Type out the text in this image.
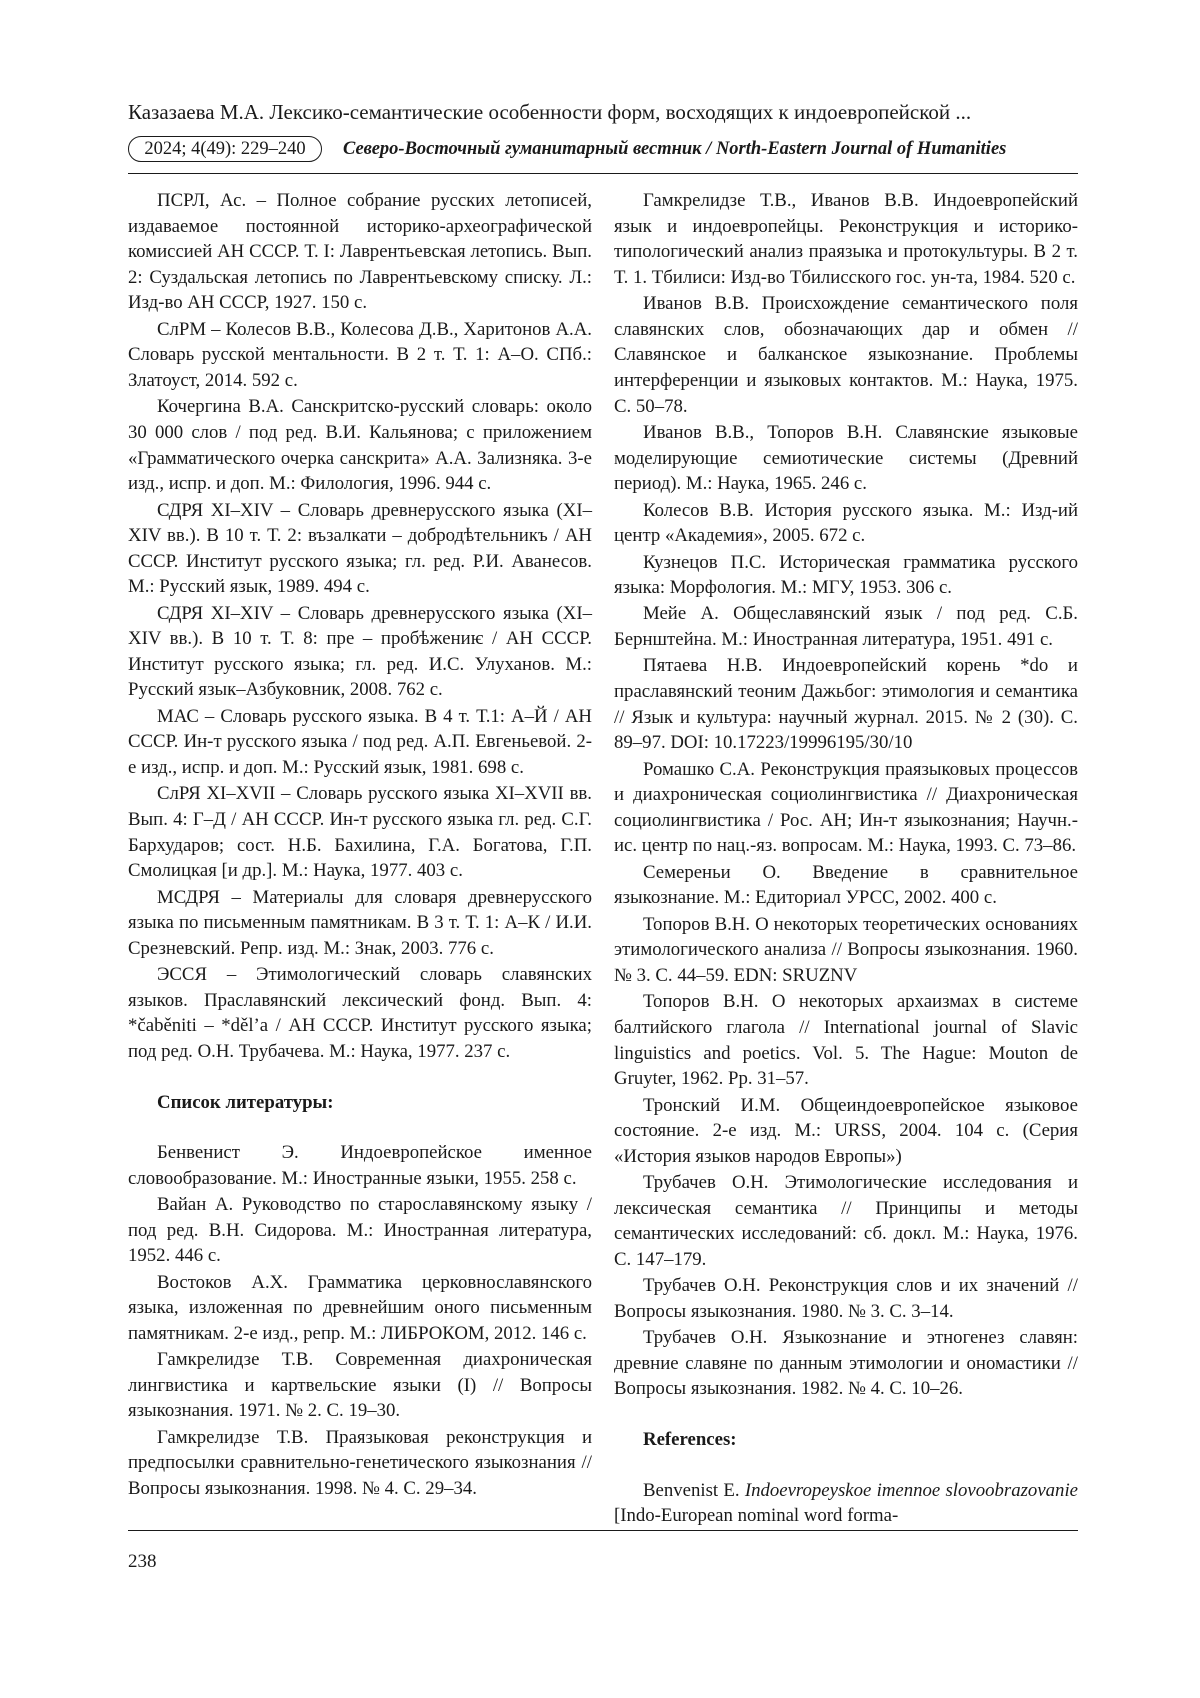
Казазаева М.А. Лексико-семантические особенности форм, восходящих к индоевропейской ...
2024; 4(49): 229–240	Северо-Восточный гуманитарный вестник / North-Eastern Journal of Humanities

ПСРЛ, Ас. – Полное собрание русских летописей, издаваемое постоянной историко-археографической комиссией АН СССР. Т. I: Лаврентьевская летопись. Вып. 2: Суздальская летопись по Лаврентьевскому списку. Л.: Изд-во АН СССР, 1927. 150 с.

СлРМ – Колесов В.В., Колесова Д.В., Харитонов А.А. Словарь русской ментальности. В 2 т. Т. 1: А–О. СПб.: Златоуст, 2014. 592 с.

Кочергина В.А. Санскритско-русский словарь: около 30 000 слов / под ред. В.И. Кальянова; с приложением «Грамматического очерка санскрита» А.А. Зализняка. 3-е изд., испр. и доп. М.: Филология, 1996. 944 с.

СДРЯ XI–XIV – Словарь древнерусского языка (XI–XIV вв.). В 10 т. Т. 2: възалкати – добродѣтельникъ / АН СССР. Институт русского языка; гл. ред. Р.И. Аванесов. М.: Русский язык, 1989. 494 с.

СДРЯ XI–XIV – Словарь древнерусского языка (XI–XIV вв.). В 10 т. Т. 8: пре – пробѣжениѥ / АН СССР. Институт русского языка; гл. ред. И.С. Улуханов. М.: Русский язык–Азбуковник, 2008. 762 с.

МАС – Словарь русского языка. В 4 т. Т.1: А–Й / АН СССР. Ин-т русского языка / под ред. А.П. Евгеньевой. 2-е изд., испр. и доп. М.: Русский язык, 1981. 698 с.

СлРЯ XI–XVII – Словарь русского языка XI–XVII вв. Вып. 4: Г–Д / АН СССР. Ин-т русского языка гл. ред. С.Г. Бархударов; сост. Н.Б. Бахилина, Г.А. Богатова, Г.П. Смолицкая [и др.]. М.: Наука, 1977. 403 с.

МСДРЯ – Материалы для словаря древнерусского языка по письменным памятникам. В 3 т. Т. 1: А–К / И.И. Срезневский. Репр. изд. М.: Знак, 2003. 776 с.

ЭССЯ – Этимологический словарь славянских языков. Праславянский лексический фонд. Вып. 4: *čaběniti – *děl’a / АН СССР. Институт русского языка; под ред. О.Н. Трубачева. М.: Наука, 1977. 237 с.

Список литературы:

Бенвенист Э. Индоевропейское именное словообразование. М.: Иностранные языки, 1955. 258 с.

Вайан А. Руководство по старославянскому языку / под ред. В.Н. Сидорова. М.: Иностранная литература, 1952. 446 с.

Востоков А.Х. Грамматика церковнославянского языка, изложенная по древнейшим оного письменным памятникам. 2-е изд., репр. М.: ЛИБРОКОМ, 2012. 146 с.

Гамкрелидзе Т.В. Современная диахроническая лингвистика и картвельские языки (I) // Вопросы языкознания. 1971. № 2. С. 19–30.

Гамкрелидзе Т.В. Праязыковая реконструкция и предпосылки сравнительно-генетического языкознания // Вопросы языкознания. 1998. № 4. С. 29–34.

Гамкрелидзе Т.В., Иванов В.В. Индоевропейский язык и индоевропейцы. Реконструкция и историко-типологический анализ праязыка и протокультуры. В 2 т. Т. 1. Тбилиси: Изд-во Тбилисского гос. ун-та, 1984. 520 с.

Иванов В.В. Происхождение семантического поля славянских слов, обозначающих дар и обмен // Славянское и балканское языкознание. Проблемы интерференции и языковых контактов. М.: Наука, 1975. С. 50–78.

Иванов В.В., Топоров В.Н. Славянские языковые моделирующие семиотические системы (Древний период). М.: Наука, 1965. 246 с.

Колесов В.В. История русского языка. М.: Изд-ий центр «Академия», 2005. 672 с.

Кузнецов П.С. Историческая грамматика русского языка: Морфология. М.: МГУ, 1953. 306 с.

Мейе А. Общеславянский язык / под ред. С.Б. Бернштейна. М.: Иностранная литература, 1951. 491 с.

Пятаева Н.В. Индоевропейский корень *do и праславянский теоним Дажьбог: этимология и семантика // Язык и культура: научный журнал. 2015. № 2 (30). С. 89–97. DOI: 10.17223/19996195/30/10

Ромашко С.А. Реконструкция праязыковых процессов и диахроническая социолингвистика // Диахроническая социолингвистика / Рос. АН; Ин-т языкознания; Научн.-ис. центр по нац.-яз. вопросам. М.: Наука, 1993. С. 73–86.

Семереньи О. Введение в сравнительное языкознание. М.: Едиториал УРСС, 2002. 400 с.

Топоров В.Н. О некоторых теоретических основаниях этимологического анализа // Вопросы языкознания. 1960. № 3. С. 44–59. EDN: SRUZNV

Топоров В.Н. О некоторых архаизмах в системе балтийского глагола // International journal of Slavic linguistics and poetics. Vol. 5. The Hague: Mouton de Gruyter, 1962. Pp. 31–57.

Тронский И.М. Общеиндоевропейское языковое состояние. 2-е изд. М.: URSS, 2004. 104 с. (Серия «История языков народов Европы»)

Трубачев О.Н. Этимологические исследования и лексическая семантика // Принципы и методы семантических исследований: сб. докл. М.: Наука, 1976. С. 147–179.

Трубачев О.Н. Реконструкция слов и их значений // Вопросы языкознания. 1980. № 3. С. 3–14.

Трубачев О.Н. Языкознание и этногенез славян: древние славяне по данным этимологии и ономастики // Вопросы языкознания. 1982. № 4. С. 10–26.

References:

Benvenist E. Indoevropeyskoe imennoe slovoobrazovanie [Indo-European nominal word forma-

238
